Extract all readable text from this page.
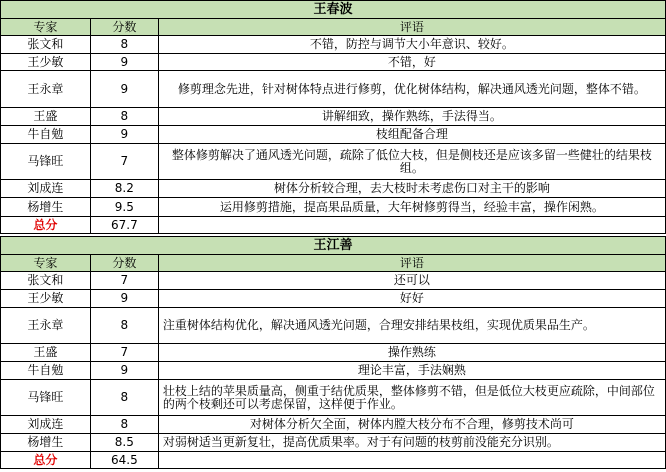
王春波		
专家	分数	评语
张文和	8	不错，防控与调节大小年意识、较好。
王少敏	9	不错，好
王永章	9	修剪理念先进，针对树体特点进行修剪，优化树体结构，解决通风透光问题，整体不错。
王盛	8	讲解细致，操作熟练，手法得当。
牛自勉	9	枝组配备合理
马锋旺	7	整体修剪解决了通风透光问题，疏除了低位大枝，但是侧枝还是应该多留一些健壮的结果枝组。
刘成连	8.2	树体分析较合理，去大枝时未考虑伤口对主干的影响
杨增生	9.5	运用修剪措施，提高果品质量，大年树修剪得当，经验丰富，操作闲熟。
总分	67.7	
王江善		
专家	分数	评语
张文和	7	还可以
王少敏	9	好好
王永章	8	注重树体结构优化，解决通风透光问题，合理安排结果枝组，实现优质果品生产。
王盛	7	操作熟练
牛自勉	9	理论丰富，手法娴熟
马锋旺	8	壮枝上结的苹果质量高，侧重于结优质果，整体修剪不错，但是低位大枝更应疏除，中间部位的两个枝剩还可以考虑保留，这样便于作业。
刘成连	8	对树体分析欠全面，树体内膛大枝分布不合理，修剪技术尚可
杨增生	8.5	对弱树适当更新复壮，提高优质果率。对于有问题的枝剪前没能充分识别。
总分	64.5	
